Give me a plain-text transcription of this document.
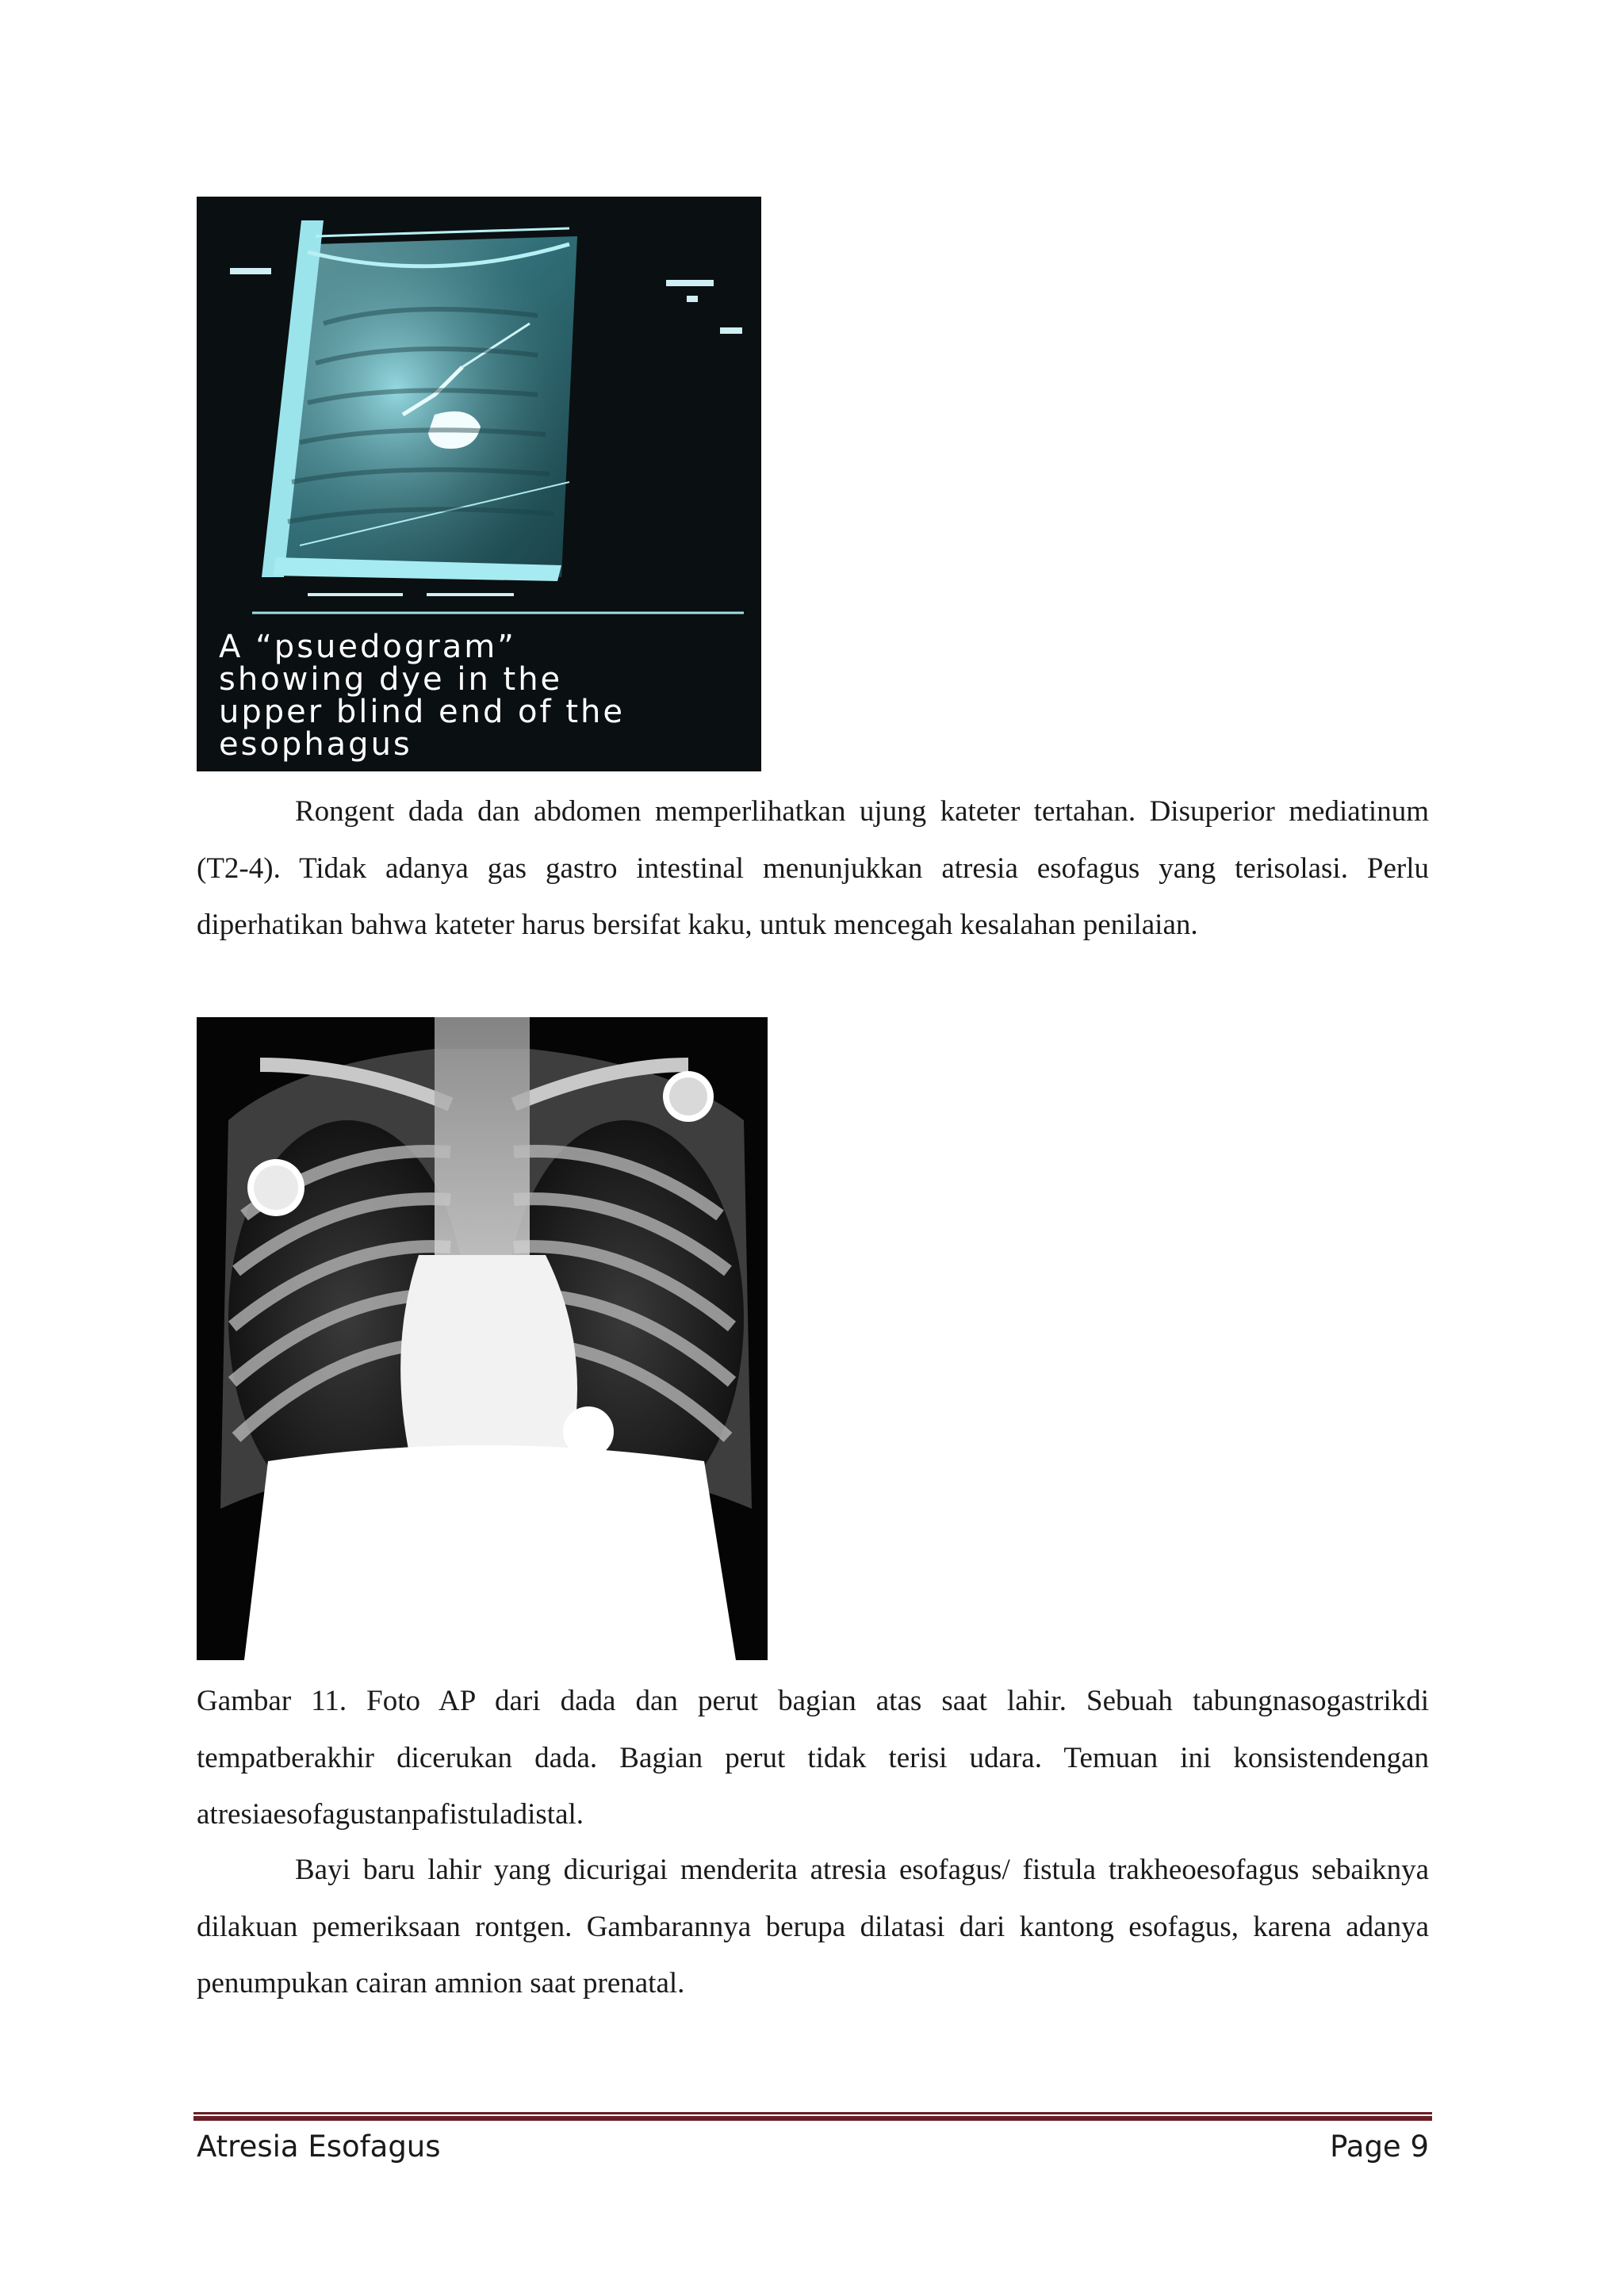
A “psuedogram”
showing dye in the
upper blind end of the
esophagus

Rongent dada dan abdomen memperlihatkan ujung kateter tertahan. Disuperior mediatinum (T2-4). Tidak adanya gas gastro intestinal menunjukkan atresia esofagus yang terisolasi. Perlu diperhatikan bahwa kateter harus bersifat kaku, untuk mencegah kesalahan penilaian.

Gambar 11. Foto AP dari dada dan perut bagian atas saat lahir. Sebuah tabungnasogastrikdi tempatberakhir dicerukan dada. Bagian perut tidak terisi udara. Temuan ini konsistendengan atresiaesofagustanpafistuladistal.

Bayi baru lahir yang dicurigai menderita atresia esofagus/ fistula trakheoesofagus sebaiknya dilakuan pemeriksaan rontgen. Gambarannya berupa dilatasi dari kantong esofagus, karena adanya penumpukan cairan amnion saat prenatal.

Atresia Esofagus	Page 9
